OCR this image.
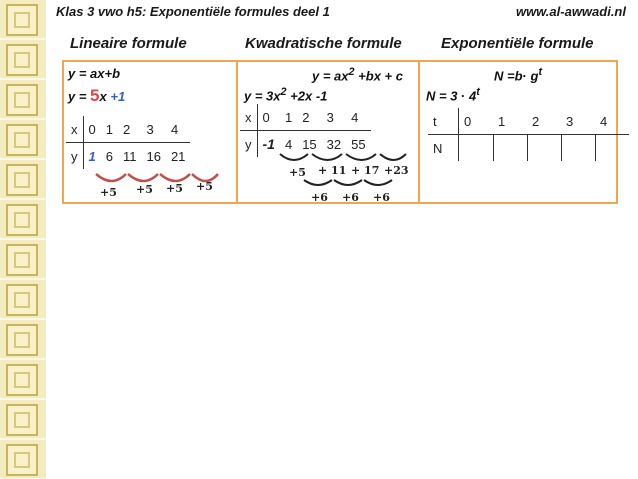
Klas 3 vwo h5: Exponentiële formules deel 1	www.al-awwadi.nl
Lineaire formule	Kwadratische formule	Exponentiële formule
y = ax+b
y = 5x +1
x	0	1	2	3	4
y	1	6	11	16	21
+5 +5 +5 +5
$y = ax^2 +bx + c$
$y = 3x^2 +2x$ -1
x	0	1	2	3	4
y	-1	4	15	32	55
+5 + 11 + 17 +23
+6 +6 +6
$N =b\cdot g^t$
$N = 3 \cdot 4^t$
t	0	1	2	3	4
N					
